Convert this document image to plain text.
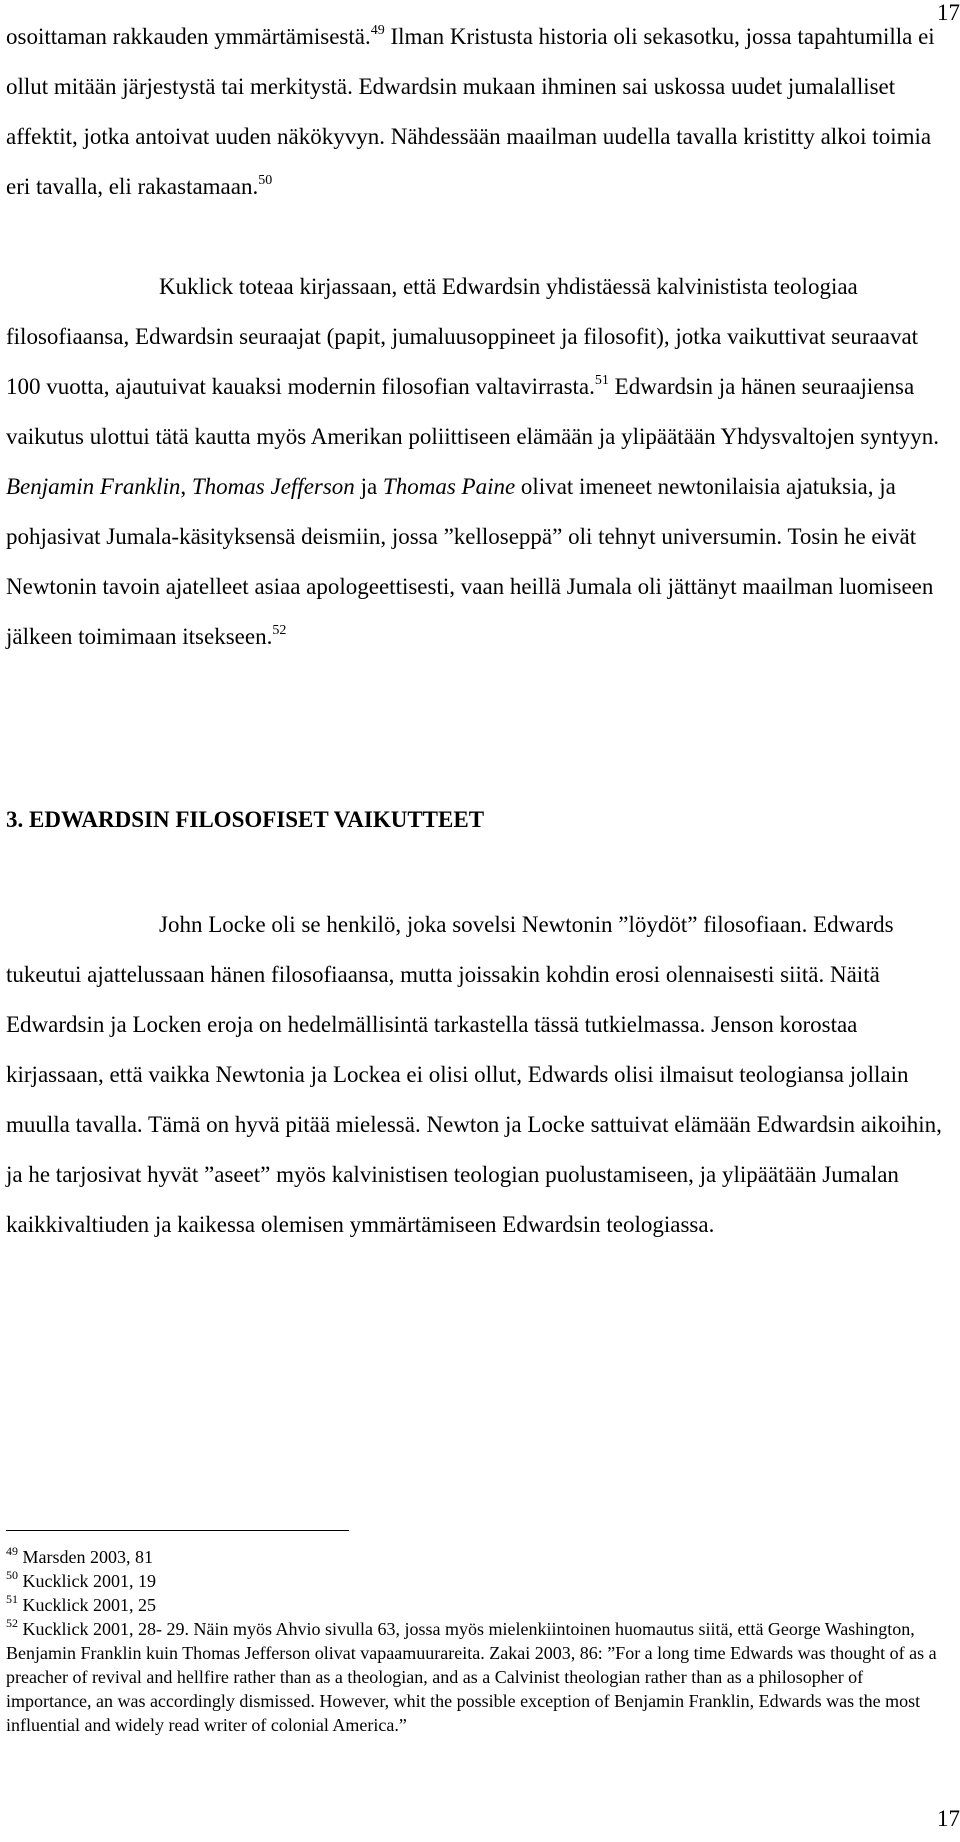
17

osoittaman rakkauden ymmärtämisestä.$^{49}$ Ilman Kristusta historia oli sekasotku, jossa tapahtumilla ei ollut mitään järjestystä tai merkitystä. Edwardsin mukaan ihminen sai uskossa uudet jumalalliset affektit, jotka antoivat uuden näkökyvyn. Nähdessään maailman uudella tavalla kristitty alkoi toimia eri tavalla, eli rakastamaan.$^{50}$

Kuklick toteaa kirjassaan, että Edwardsin yhdistäessä kalvinistista teologiaa filosofiaansa, Edwardsin seuraajat (papit, jumaluusoppineet ja filosofit), jotka vaikuttivat seuraavat 100 vuotta, ajautuivat kauaksi modernin filosofian valtavirrasta.$^{51}$ Edwardsin ja hänen seuraajiensa vaikutus ulottui tätä kautta myös Amerikan poliittiseen elämään ja ylipäätään Yhdysvaltojen syntyyn. Benjamin Franklin, Thomas Jefferson ja Thomas Paine olivat imeneet newtonilaisia ajatuksia, ja pohjasivat Jumala-käsityksensä deismiin, jossa ”kelloseppä” oli tehnyt universumin. Tosin he eivät Newtonin tavoin ajatelleet asiaa apologeettisesti, vaan heillä Jumala oli jättänyt maailman luomiseen jälkeen toimimaan itsekseen.$^{52}$

3. EDWARDSIN FILOSOFISET VAIKUTTEET

John Locke oli se henkilö, joka sovelsi Newtonin ”löydöt” filosofiaan. Edwards tukeutui ajattelussaan hänen filosofiaansa, mutta joissakin kohdin erosi olennaisesti siitä. Näitä Edwardsin ja Locken eroja on hedelmällisintä tarkastella tässä tutkielmassa. Jenson korostaa kirjassaan, että vaikka Newtonia ja Lockea ei olisi ollut, Edwards olisi ilmaisut teologiansa jollain muulla tavalla. Tämä on hyvä pitää mielessä. Newton ja Locke sattuivat elämään Edwardsin aikoihin, ja he tarjosivat hyvät ”aseet” myös kalvinistisen teologian puolustamiseen, ja ylipäätään Jumalan kaikkivaltiuden ja kaikessa olemisen ymmärtämiseen Edwardsin teologiassa.

$^{49}$ Marsden 2003, 81

$^{50}$ Kucklick 2001, 19

$^{51}$ Kucklick 2001, 25

$^{52}$ Kucklick 2001, 28- 29. Näin myös Ahvio sivulla 63, jossa myös mielenkiintoinen huomautus siitä, että George Washington, Benjamin Franklin kuin Thomas Jefferson olivat vapaamuurareita. Zakai 2003, 86: ”For a long time Edwards was thought of as a preacher of revival and hellfire rather than as a theologian, and as a Calvinist theologian rather than as a philosopher of importance, an was accordingly dismissed. However, whit the possible exception of Benjamin Franklin, Edwards was the most influential and widely read writer of colonial America.”

17
